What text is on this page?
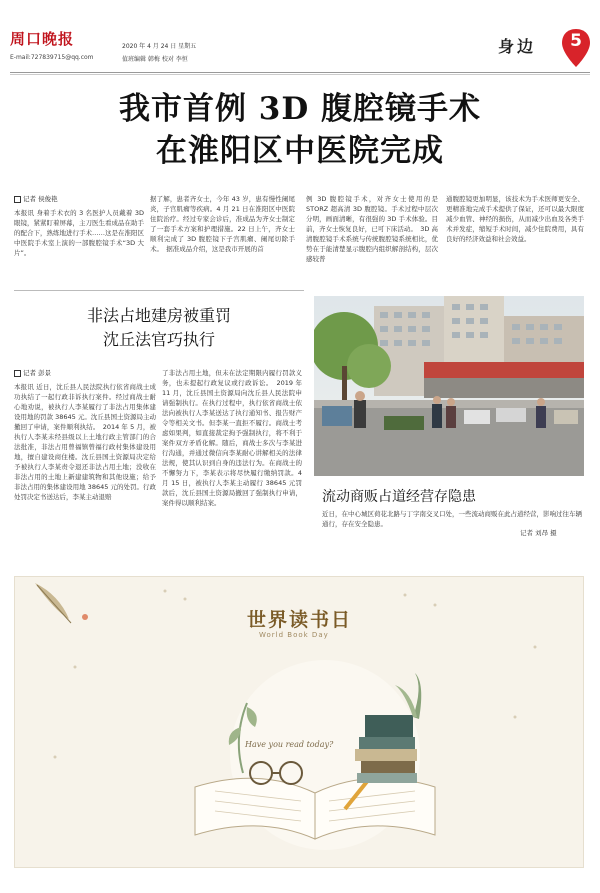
周口晚报
E-mail:727839715@qq.com
2020 年 4 月 24 日 星期五
值班编辑 韩梅 校对 李恒
身边	5
我市首例 3D 腹腔镜手术
在淮阳区中医院完成
记者 侯俊艳
本报讯 身着手术衣的 3 名医护人员戴着 3D 眼镜，紧紧盯着屏幕，主刀医生看成品在助手的配合下，熟练地进行手术……这是在淮阳区中医院手术室上演的一部腹腔镜手术“3D 大片”。
据了解，患者齐女士，今年 43 岁，患有慢性阑尾炎，子宫肌瘤等疾病。4 月 21 日在淮阳区中医院住院治疗。经过专家会诊后，准成品为齐女士制定了一套手术方案和护理措施。22 日上午，齐女士顺利完成了 3D 腹腔镜下子宫肌瘤、阑尾切除手术。　据准成品介绍，这是我市开展的首
例 3D 腹腔镜手术，对齐女士使用的是 STORZ 超高清 3D 腹腔镜。手术过程中层次分明，画面清晰，有很强的 3D 手术体验。目前，齐女士恢复良好，已可下床活动。　3D 高清腹腔镜手术系统与传统腹腔镜系统相比，优势在于能清楚显示腹腔内组织解剖结构，层次感较普
通腹腔镜更加明显，该技术为手术医师更安全、更精准地完成手术提供了保证，还可以最大限度减少血管、神经的损伤，从而减少出血及各类手术并发症，缩短手术时间，减少住院费用，具有良好的经济效益和社会效益。
非法占地建房被重罚
沈丘法官巧执行
记者 彭景
本报讯 近日，沈丘县人民法院执行依省商战士成功执结了一起行政非诉执行案件。经过商战士耐心地劝说，被执行人李某履行了非法占用集体建设用地的罚款 38645 元。沈丘县国土资源局主动撤回了申请，案件顺利执结。　2014 年 5 月，被执行人李某未经县级以上土地行政主管部门的合法批准，非法占用曾福镇曾福行政村集体建设用地，擅自建设商住楼。沈丘县国土资源局决定给予被执行人李某责令退还非法占用土地；没收在非法占用的土地上新建建筑物和其他设施；给予非法占用的集体建设用地 38645 元的处罚。行政处罚决定书送达后，李某主动退赔
了非法占用土地，但未在法定期限内履行罚款义务，也未提起行政复议或行政诉讼。　2019 年 11 月，沈丘县国土资源局向沈丘县人民法院申请强制执行。在执行过程中，执行依省商战士依法向被执行人李某送达了执行通知书、报告财产令等相关文书。但李某一直拒不履行。商战士考虑如果判，如直接裁定拘予强制执行，将不利于案件双方矛盾化解。随后，商战士多次与李某进行沟通，并通过微信向李某耐心讲解相关的法律法规，使其认识到自身的违法行为。在商战士的不懈努力下，李某表示将尽快履行缴纳罚款。4 月 15 日，被执行人李某主动履行 38645 元罚款后，沈丘县国土资源局撤回了强制执行申请，案件得以顺利结案。	流动商贩占道经营存隐患
近日，在中心城区荷花北路与丁字南交叉口处，一些流动商贩在此占道经营，影响过往车辆通行，存在安全隐患。
记者 刘昂 摄
Have you read today?
世界读书日
World Book Day
